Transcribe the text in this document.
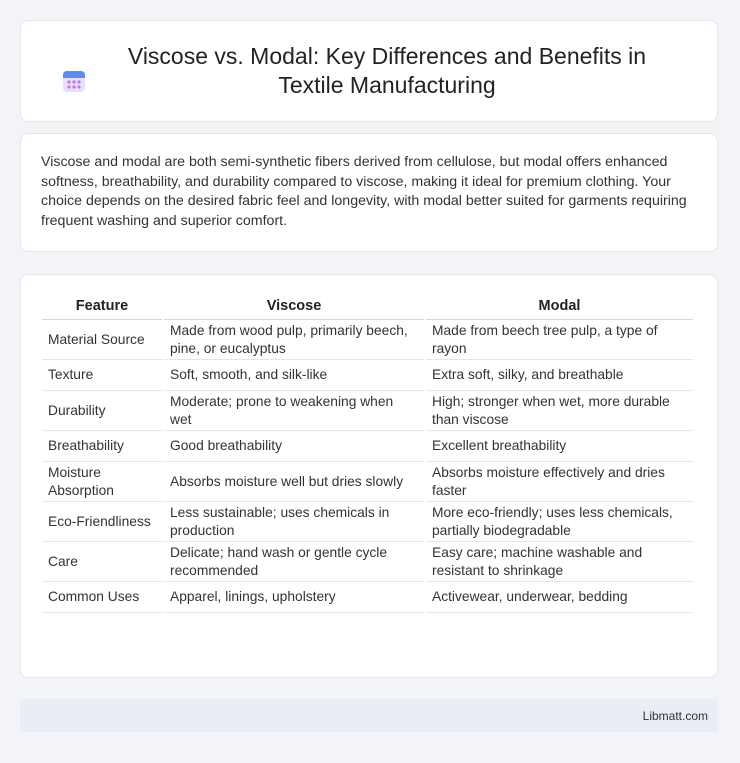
Viscose vs. Modal: Key Differences and Benefits in Textile Manufacturing

Viscose and modal are both semi-synthetic fibers derived from cellulose, but modal offers enhanced softness, breathability, and durability compared to viscose, making it ideal for premium clothing. Your choice depends on the desired fabric feel and longevity, with modal better suited for garments requiring frequent washing and superior comfort.

Feature	Viscose	Modal
Material Source	Made from wood pulp, primarily beech, pine, or eucalyptus	Made from beech tree pulp, a type of rayon
Texture	Soft, smooth, and silk-like	Extra soft, silky, and breathable
Durability	Moderate; prone to weakening when wet	High; stronger when wet, more durable than viscose
Breathability	Good breathability	Excellent breathability
Moisture Absorption	Absorbs moisture well but dries slowly	Absorbs moisture effectively and dries faster
Eco-Friendliness	Less sustainable; uses chemicals in production	More eco-friendly; uses less chemicals, partially biodegradable
Care	Delicate; hand wash or gentle cycle recommended	Easy care; machine washable and resistant to shrinkage
Common Uses	Apparel, linings, upholstery	Activewear, underwear, bedding
Libmatt.com
